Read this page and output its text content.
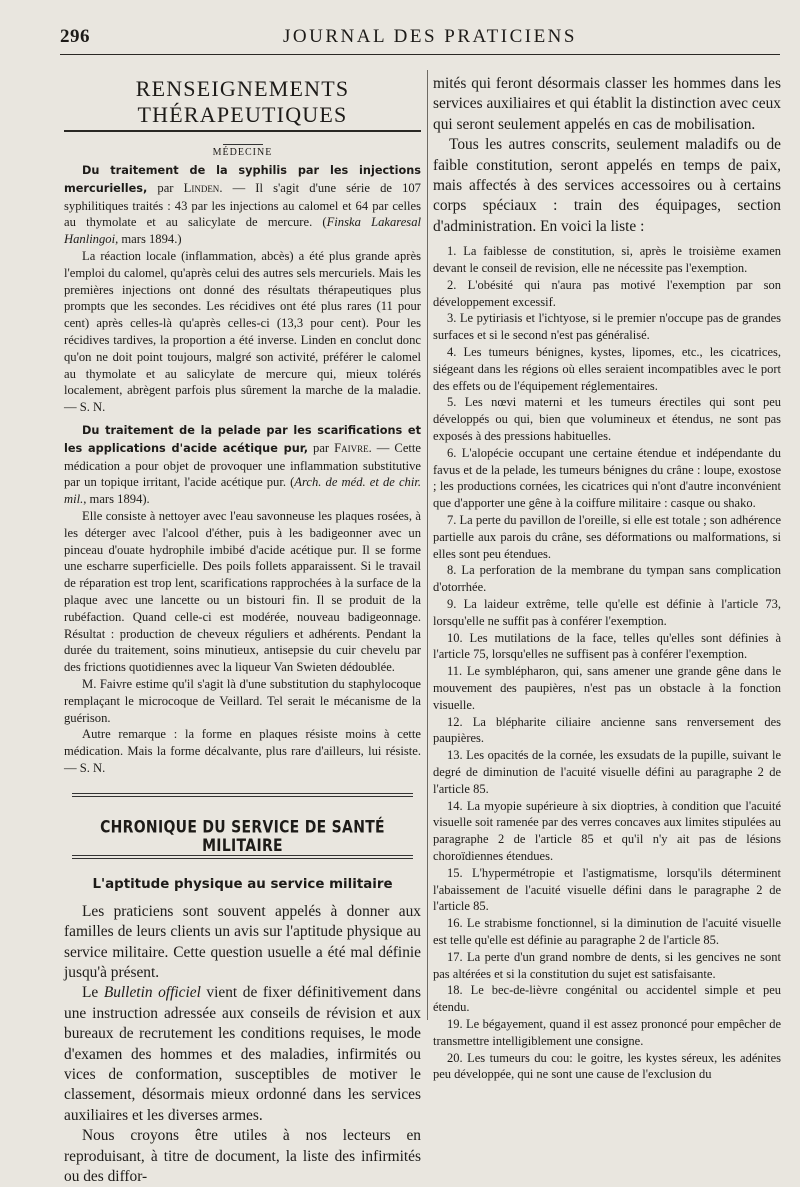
296	JOURNAL DES PRATICIENS
RENSEIGNEMENTS THÉRAPEUTIQUES
MÉDECINE

Du traitement de la syphilis par les injections mercurielles, par Linden. — Il s'agit d'une série de 107 syphilitiques traités : 43 par les injections au calomel et 64 par celles au thymolate et au salicylate de mercure. (Finska Lakaresal Hanlingoi, mars 1894.)

La réaction locale (inflammation, abcès) a été plus grande après l'emploi du calomel, qu'après celui des autres sels mercuriels. Mais les premières injections ont donné des résultats thérapeutiques plus prompts que les secondes. Les récidives ont été plus rares (11 pour cent) après celles-là qu'après celles-ci (13,3 pour cent). Pour les récidives tardives, la proportion a été inverse. Linden en conclut donc qu'on ne doit point toujours, malgré son activité, préférer le calomel au thymolate et au salicylate de mercure qui, mieux tolérés localement, abrègent parfois plus sûrement la marche de la maladie. — S. N.

Du traitement de la pelade par les scarifications et les applications d'acide acétique pur, par Faivre. — Cette médication a pour objet de provoquer une inflammation substitutive par un topique irritant, l'acide acétique pur. (Arch. de méd. et de chir. mil., mars 1894).

Elle consiste à nettoyer avec l'eau savonneuse les plaques rosées, à les déterger avec l'alcool d'éther, puis à les badigeonner avec un pinceau d'ouate hydrophile imbibé d'acide acétique pur. Il se forme une escharre superficielle. Des poils follets apparaissent. Si le travail de réparation est trop lent, scarifications rapprochées à la surface de la plaque avec une lancette ou un bistouri fin. Il se produit de la rubéfaction. Quand celle-ci est modérée, nouveau badigeonnage. Résultat : production de cheveux réguliers et adhérents. Pendant la durée du traitement, soins minutieux, antisepsie du cuir chevelu par des frictions quotidiennes avec la liqueur Van Swieten dédoublée.

M. Faivre estime qu'il s'agit là d'une substitution du staphylocoque remplaçant le microcoque de Veillard. Tel serait le mécanisme de la guérison.

Autre remarque : la forme en plaques résiste moins à cette médication. Mais la forme décalvante, plus rare d'ailleurs, lui résiste. — S. N.

CHRONIQUE DU SERVICE DE SANTÉ MILITAIRE
L'aptitude physique au service militaire

Les praticiens sont souvent appelés à donner aux familles de leurs clients un avis sur l'aptitude physique au service militaire. Cette question usuelle a été mal définie jusqu'à présent.

Le Bulletin officiel vient de fixer définitivement dans une instruction adressée aux conseils de révision et aux bureaux de recrutement les conditions requises, le mode d'examen des hommes et des maladies, infirmités ou vices de conformation, susceptibles de motiver le classement, désormais mieux ordonné dans les services auxiliaires et les diverses armes.

Nous croyons être utiles à nos lecteurs en reproduisant, à titre de document, la liste des infirmités ou des diffor-

mités qui feront désormais classer les hommes dans les services auxiliaires et qui établit la distinction avec ceux qui seront seulement appelés en cas de mobilisation.

Tous les autres conscrits, seulement maladifs ou de faible constitution, seront appelés en temps de paix, mais affectés à des services accessoires ou à certains corps spéciaux : train des équipages, section d'administration. En voici la liste :

1. La faiblesse de constitution, si, après le troisième examen devant le conseil de revision, elle ne nécessite pas l'exemption.

2. L'obésité qui n'aura pas motivé l'exemption par son développement excessif.

3. Le pytiriasis et l'ichtyose, si le premier n'occupe pas de grandes surfaces et si le second n'est pas généralisé.

4. Les tumeurs bénignes, kystes, lipomes, etc., les cicatrices, siégeant dans les régions où elles seraient incompatibles avec le port des effets ou de l'équipement réglementaires.

5. Les nœvi materni et les tumeurs érectiles qui sont peu développés ou qui, bien que volumineux et étendus, ne sont pas exposés à des pressions habituelles.

6. L'alopécie occupant une certaine étendue et indépendante du favus et de la pelade, les tumeurs bénignes du crâne : loupe, exostose ; les productions cornées, les cicatrices qui n'ont d'autre inconvénient que d'apporter une gêne à la coiffure militaire : casque ou shako.

7. La perte du pavillon de l'oreille, si elle est totale ; son adhérence partielle aux parois du crâne, ses déformations ou malformations, si elles sont peu étendues.

8. La perforation de la membrane du tympan sans complication d'otorrhée.

9. La laideur extrême, telle qu'elle est définie à l'article 73, lorsqu'elle ne suffit pas à conférer l'exemption.

10. Les mutilations de la face, telles qu'elles sont définies à l'article 75, lorsqu'elles ne suffisent pas à conférer l'exemption.

11. Le symblépharon, qui, sans amener une grande gêne dans le mouvement des paupières, n'est pas un obstacle à la fonction visuelle.

12. La blépharite ciliaire ancienne sans renversement des paupières.

13. Les opacités de la cornée, les exsudats de la pupille, suivant le degré de diminution de l'acuité visuelle défini au paragraphe 2 de l'article 85.

14. La myopie supérieure à six dioptries, à condition que l'acuité visuelle soit ramenée par des verres concaves aux limites stipulées au paragraphe 2 de l'article 85 et qu'il n'y ait pas de lésions choroïdiennes étendues.

15. L'hypermétropie et l'astigmatisme, lorsqu'ils déterminent l'abaissement de l'acuité visuelle défini dans le paragraphe 2 de l'article 85.

16. Le strabisme fonctionnel, si la diminution de l'acuité visuelle est telle qu'elle est définie au paragraphe 2 de l'article 85.

17. La perte d'un grand nombre de dents, si les gencives ne sont pas altérées et si la constitution du sujet est satisfaisante.

18. Le bec-de-lièvre congénital ou accidentel simple et peu étendu.

19. Le bégayement, quand il est assez prononcé pour empêcher de transmettre intelligiblement une consigne.

20. Les tumeurs du cou: le goitre, les kystes séreux, les adénites peu développée, qui ne sont une cause de l'exclusion du
